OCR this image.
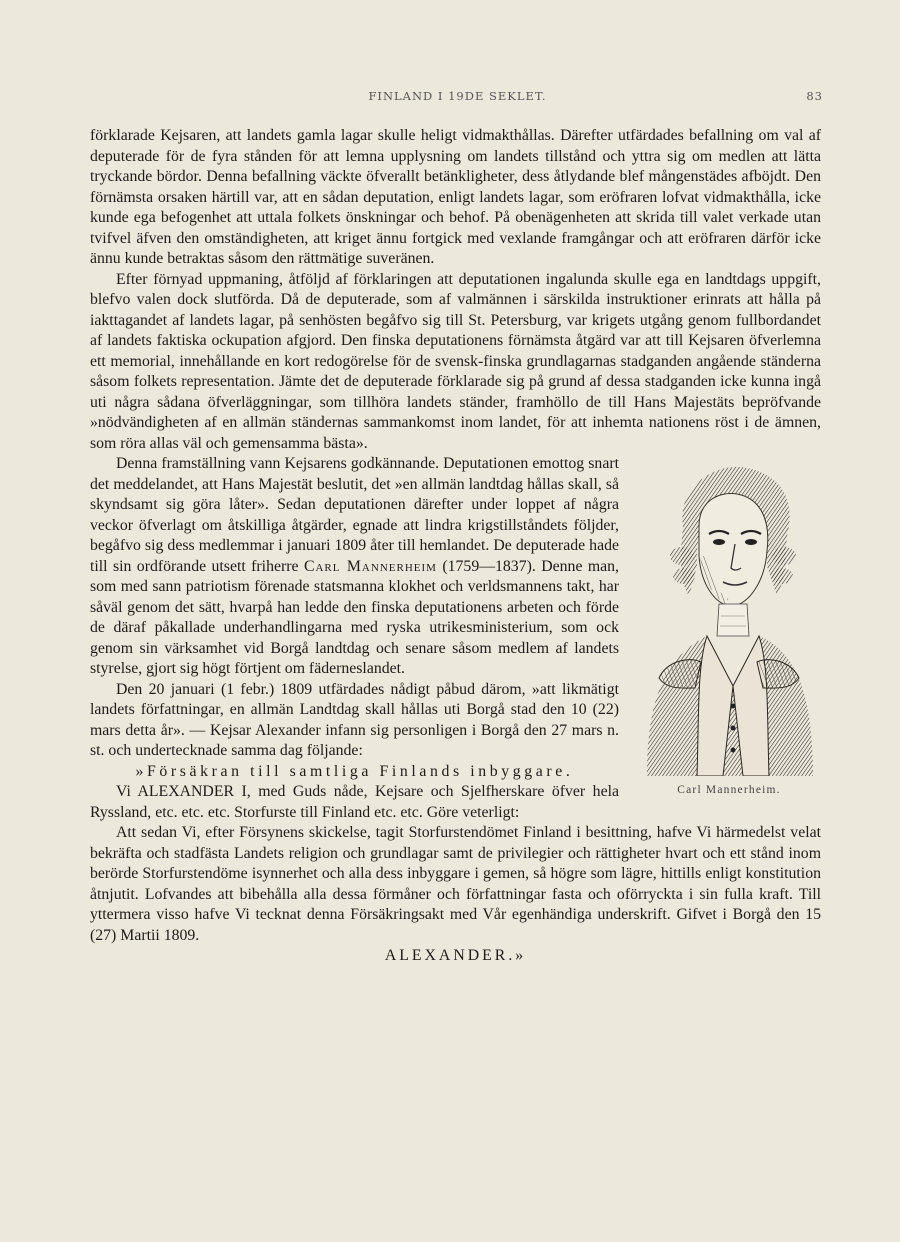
FINLAND I 19DE SEKLET.	83

förklarade Kejsaren, att landets gamla lagar skulle heligt vidmakthållas. Därefter utfärdades befallning om val af deputerade för de fyra stånden för att lemna upplysning om landets tillstånd och yttra sig om medlen att lätta tryckande bördor. Denna befallning väckte öfverallt betänkligheter, dess åtlydande blef mångenstädes afböjdt. Den förnämsta orsaken härtill var, att en sådan deputation, enligt landets lagar, som eröfraren lofvat vidmakthålla, icke kunde ega befogenhet att uttala folkets önskningar och behof. På obenägenheten att skrida till valet verkade utan tvifvel äfven den omständigheten, att kriget ännu fortgick med vexlande framgångar och att eröfraren därför icke ännu kunde betraktas såsom den rättmätige suveränen.

Efter förnyad uppmaning, åtföljd af förklaringen att deputationen ingalunda skulle ega en landtdags uppgift, blefvo valen dock slutförda. Då de deputerade, som af valmännen i särskilda instruktioner erinrats att hålla på iakttagandet af landets lagar, på senhösten begåfvo sig till St. Petersburg, var krigets utgång genom fullbordandet af landets faktiska ockupation afgjord. Den finska deputationens förnämsta åtgärd var att till Kejsaren öfverlemna ett memorial, innehållande en kort redogörelse för de svensk-finska grundlagarnas stadganden angående ständerna såsom folkets representation. Jämte det de deputerade förklarade sig på grund af dessa stadganden icke kunna ingå uti några sådana öfverläggningar, som tillhöra landets ständer, framhöllo de till Hans Majestäts bepröfvande »nödvändigheten af en allmän ständernas sammankomst inom landet, för att inhemta nationens röst i de ämnen, som röra allas väl och gemensamma bästa».

Carl Mannerheim.

Denna framställning vann Kejsarens godkännande. Deputationen emottog snart det meddelandet, att Hans Majestät beslutit, det »en allmän landtdag hållas skall, så skyndsamt sig göra låter». Sedan deputationen därefter under loppet af några veckor öfverlagt om åtskilliga åtgärder, egnade att lindra krigstillståndets följder, begåfvo sig dess medlemmar i januari 1809 åter till hemlandet. De deputerade hade till sin ordförande utsett friherre Carl Mannerheim (1759—1837). Denne man, som med sann patriotism förenade statsmanna klokhet och verldsmannens takt, har såväl genom det sätt, hvarpå han ledde den finska deputationens arbeten och förde de däraf påkallade underhandlingarna med ryska utrikesministerium, som ock genom sin värksamhet vid Borgå landtdag och senare såsom medlem af landets styrelse, gjort sig högt förtjent om fäderneslandet.

Den 20 januari (1 febr.) 1809 utfärdades nådigt påbud därom, »att likmätigt landets författningar, en allmän Landtdag skall hållas uti Borgå stad den 10 (22) mars detta år». — Kejsar Alexander infann sig personligen i Borgå den 27 mars n. st. och undertecknade samma dag följande:

»Försäkran till samtliga Finlands inbyggare.

Vi ALEXANDER I, med Guds nåde, Kejsare och Sjelfherskare öfver hela Ryssland, etc. etc. etc. Storfurste till Finland etc. etc. Göre veterligt:

Att sedan Vi, efter Försynens skickelse, tagit Storfurstendömet Finland i besittning, hafve Vi härmedelst velat bekräfta och stadfästa Landets religion och grundlagar samt de privilegier och rättigheter hvart och ett stånd inom berörde Storfurstendöme isynnerhet och alla dess inbyggare i gemen, så högre som lägre, hittills enligt konstitution åtnjutit. Lofvandes att bibehålla alla dessa förmåner och författningar fasta och oförryckta i sin fulla kraft. Till yttermera visso hafve Vi tecknat denna Försäkringsakt med Vår egenhändiga underskrift. Gifvet i Borgå den 15 (27) Martii 1809.

ALEXANDER.»
